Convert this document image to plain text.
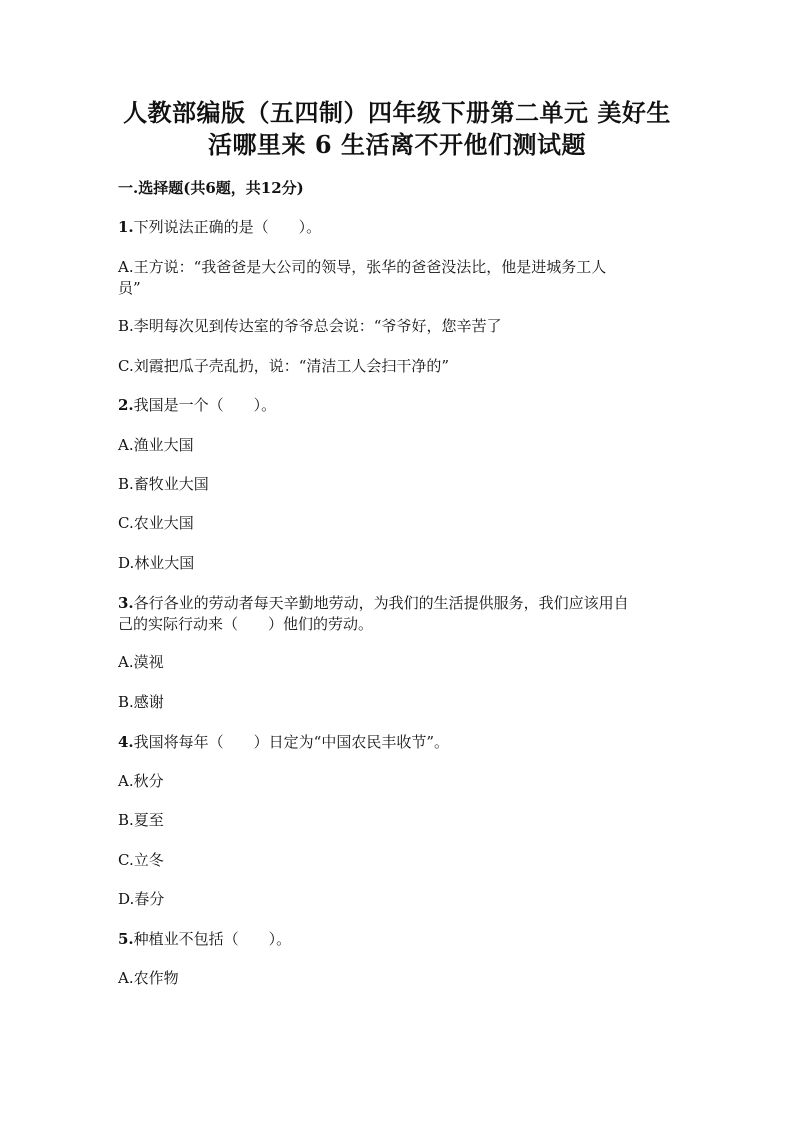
人教部编版（五四制）四年级下册第二单元 美好生
活哪里来 6 生活离不开他们测试题
一.选择题(共6题，共12分)
1.下列说法正确的是（　　）。
A.王方说：“我爸爸是大公司的领导，张华的爸爸没法比，他是进城务工人
员”
B.李明每次见到传达室的爷爷总会说：“爷爷好，您辛苦了
C.刘霞把瓜子壳乱扔，说：“清洁工人会扫干净的”
2.我国是一个（　　）。
A.渔业大国
B.畜牧业大国
C.农业大国
D.林业大国
3.各行各业的劳动者每天辛勤地劳动，为我们的生活提供服务，我们应该用自
己的实际行动来（　　）他们的劳动。
A.漠视
B.感谢
4.我国将每年（　　）日定为“中国农民丰收节”。
A.秋分
B.夏至
C.立冬
D.春分
5.种植业不包括（　　）。
A.农作物
